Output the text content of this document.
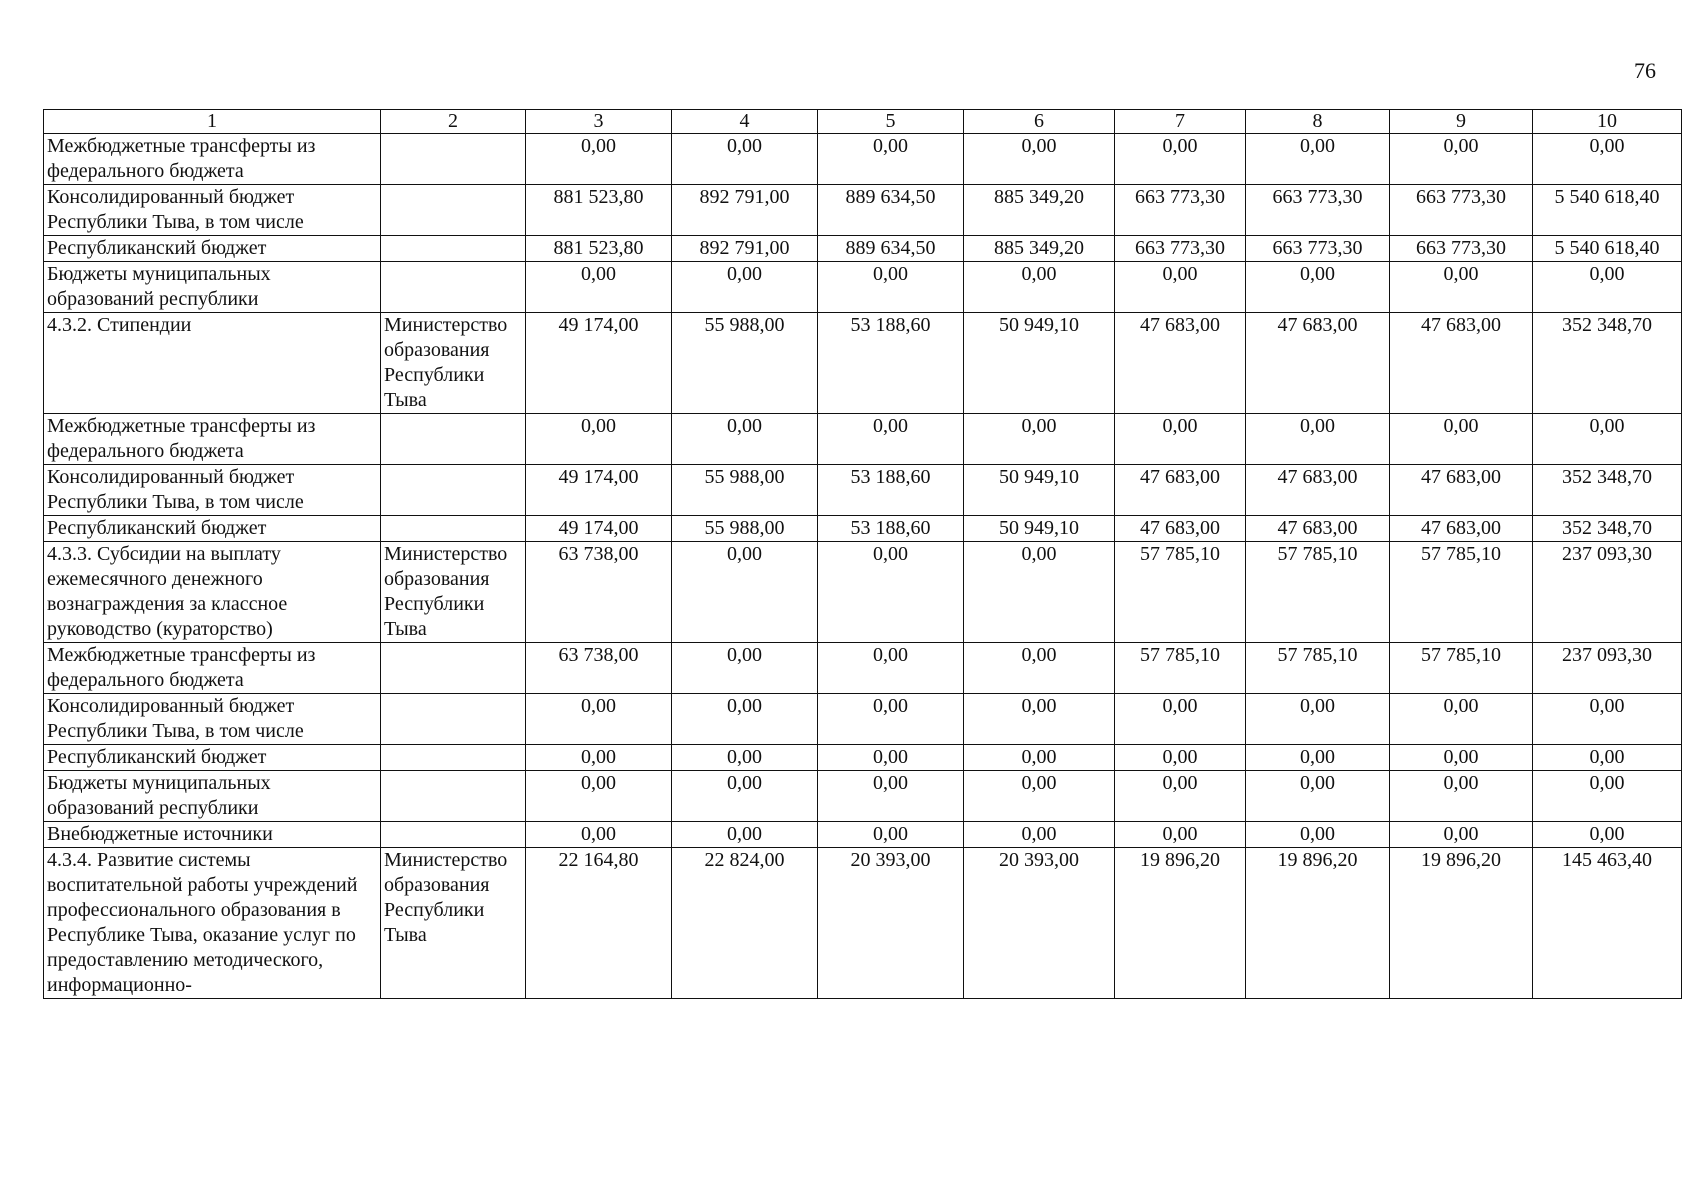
76
1	2	3	4	5	6	7	8	9	10
Межбюджетные трансферты из федерального бюджета		0,00	0,00	0,00	0,00	0,00	0,00	0,00	0,00
Консолидированный бюджет Республики Тыва, в том числе		881 523,80	892 791,00	889 634,50	885 349,20	663 773,30	663 773,30	663 773,30	5 540 618,40
Республиканский бюджет		881 523,80	892 791,00	889 634,50	885 349,20	663 773,30	663 773,30	663 773,30	5 540 618,40
Бюджеты муниципальных образований республики		0,00	0,00	0,00	0,00	0,00	0,00	0,00	0,00
4.3.2. Стипендии	Министерство образования Республики Тыва	49 174,00	55 988,00	53 188,60	50 949,10	47 683,00	47 683,00	47 683,00	352 348,70
Межбюджетные трансферты из федерального бюджета		0,00	0,00	0,00	0,00	0,00	0,00	0,00	0,00
Консолидированный бюджет Республики Тыва, в том числе		49 174,00	55 988,00	53 188,60	50 949,10	47 683,00	47 683,00	47 683,00	352 348,70
Республиканский бюджет		49 174,00	55 988,00	53 188,60	50 949,10	47 683,00	47 683,00	47 683,00	352 348,70
4.3.3. Субсидии на выплату ежемесячного денежного вознаграждения за классное руководство (кураторство)	Министерство образования Республики Тыва	63 738,00	0,00	0,00	0,00	57 785,10	57 785,10	57 785,10	237 093,30
Межбюджетные трансферты из федерального бюджета		63 738,00	0,00	0,00	0,00	57 785,10	57 785,10	57 785,10	237 093,30
Консолидированный бюджет Республики Тыва, в том числе		0,00	0,00	0,00	0,00	0,00	0,00	0,00	0,00
Республиканский бюджет		0,00	0,00	0,00	0,00	0,00	0,00	0,00	0,00
Бюджеты муниципальных образований республики		0,00	0,00	0,00	0,00	0,00	0,00	0,00	0,00
Внебюджетные источники		0,00	0,00	0,00	0,00	0,00	0,00	0,00	0,00
4.3.4. Развитие системы воспитательной работы учреждений профессионального образования в Республике Тыва, оказание услуг по предоставлению методического, информационно-	Министерство образования Республики Тыва	22 164,80	22 824,00	20 393,00	20 393,00	19 896,20	19 896,20	19 896,20	145 463,40
